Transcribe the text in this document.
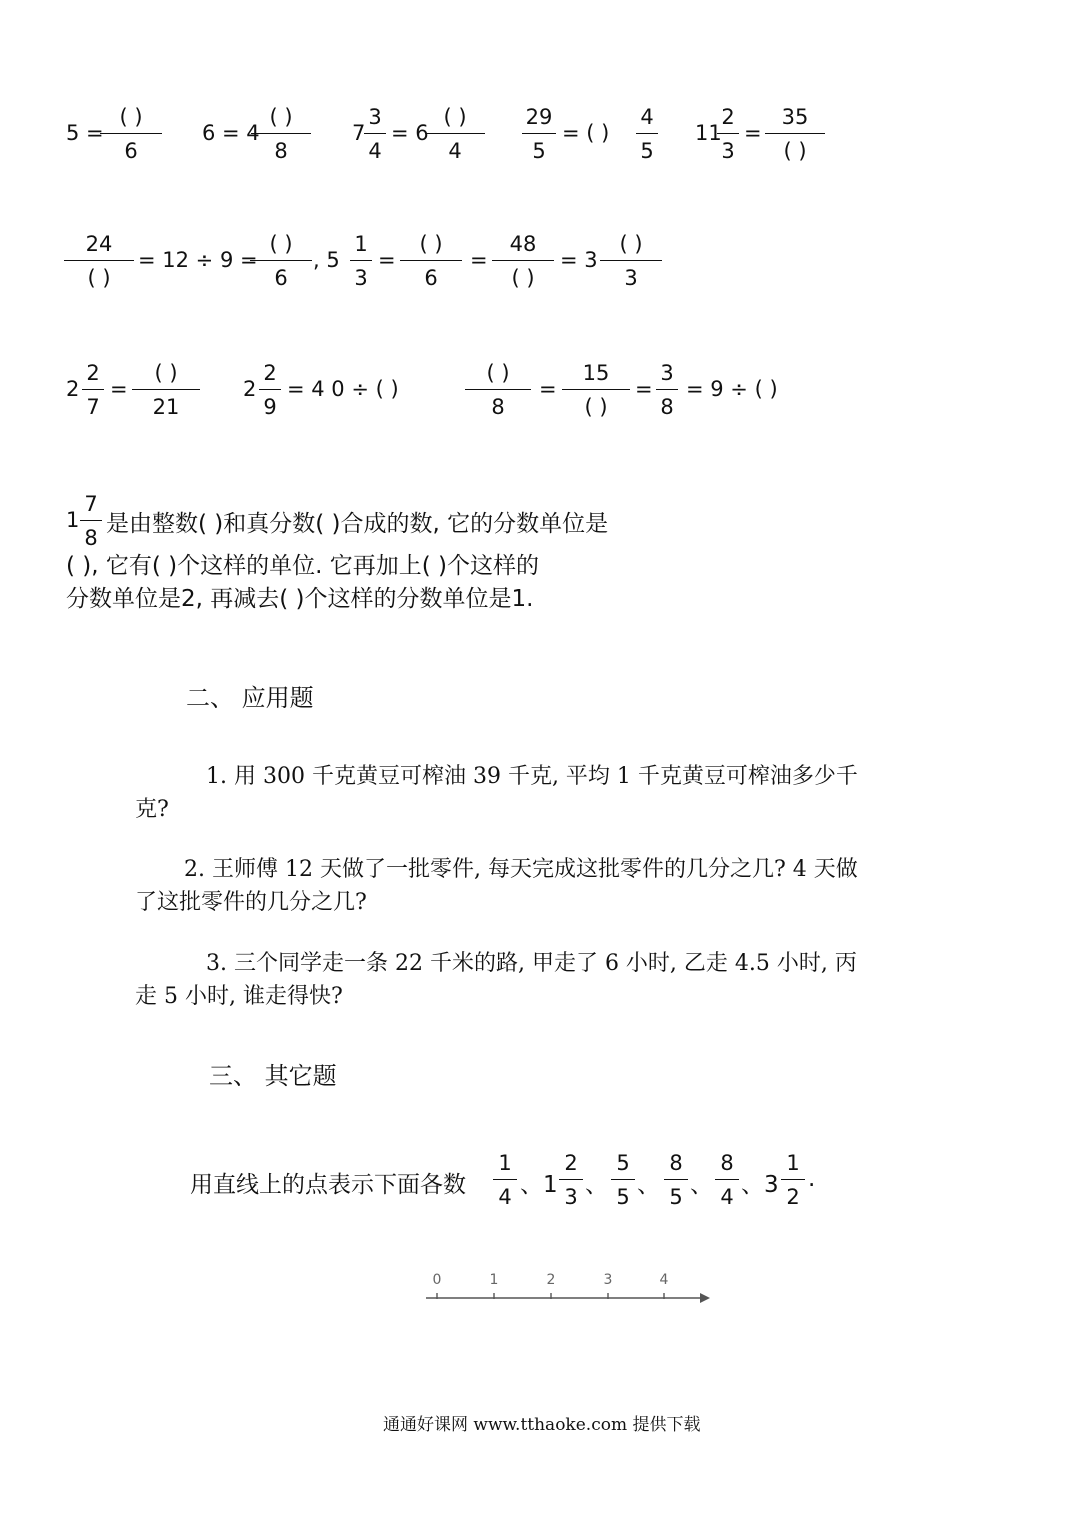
5 =
( )
6
6 = 4
( )
8
7
3
4
= 6
( )
4
29
5
= ( )
4
5
11
2
3
=
35
( )
24
( )
= 12 ÷ 9 =
( )
6
, 5
1
3
=
( )
6
=
48
( )
= 3
( )
3
2
2
7
=
( )
21
2
2
9
= 4 0 ÷ ( )
( )
8
=
15
( )
=
3
8
= 9 ÷ ( )
1
7
8
是由整数( )和真分数( )合成的数, 它的分数单位是
( ), 它有( )个这样的单位. 它再加上( )个这样的
分数单位是2, 再减去( )个这样的分数单位是1.
二、 应用题
1. 用 300 千克黄豆可榨油 39 千克, 平均 1 千克黄豆可榨油多少千
克?
2. 王师傅 12 天做了一批零件, 每天完成这批零件的几分之几? 4 天做
了这批零件的几分之几?
3. 三个同学走一条 22 千米的路, 甲走了 6 小时, 乙走 4.5 小时, 丙
走 5 小时, 谁走得快?
三、 其它题
用直线上的点表示下面各数
1
4 、1
2
3 、
5
5 、
8
5 、
8
4 、3
1
2
.
0	1	2	3	4
通通好课网 www.tthaoke.com 提供下载
